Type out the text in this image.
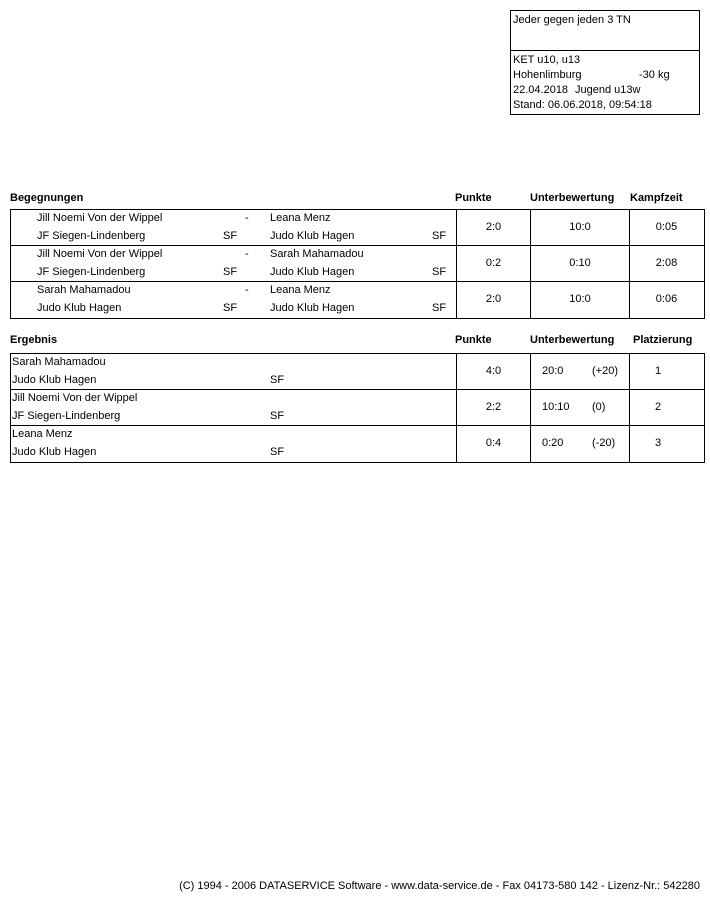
Jeder gegen jeden 3 TN
KET u10, u13
Hohenlimburg	-30 kg
22.04.2018 Jugend u13w
Stand: 06.06.2018, 09:54:18
Begegnungen	Punkte	Unterbewertung Kampfzeit
Jill Noemi Von der Wippel	- Leana Menz
JF Siegen-Lindenberg	SF	Judo Klub Hagen	SF
2:0	10:0	0:05
Jill Noemi Von der Wippel	- Sarah Mahamadou
JF Siegen-Lindenberg	SF	Judo Klub Hagen	SF
0:2	0:10	2:08
Sarah Mahamadou	- Leana Menz
Judo Klub Hagen	SF	Judo Klub Hagen	SF
2:0	10:0	0:06
Ergebnis	Punkte	Unterbewertung Platzierung
Sarah Mahamadou
Judo Klub Hagen	SF
4:0	20:0	(+20)	1
Jill Noemi Von der Wippel
JF Siegen-Lindenberg	SF
2:2	10:10 (0)	2
Leana Menz
Judo Klub Hagen	SF
0:4	0:20	(-20)	3
(C) 1994 - 2006 DATASERVICE Software - www.data-service.de - Fax 04173-580 142 - Lizenz-Nr.: 542280
